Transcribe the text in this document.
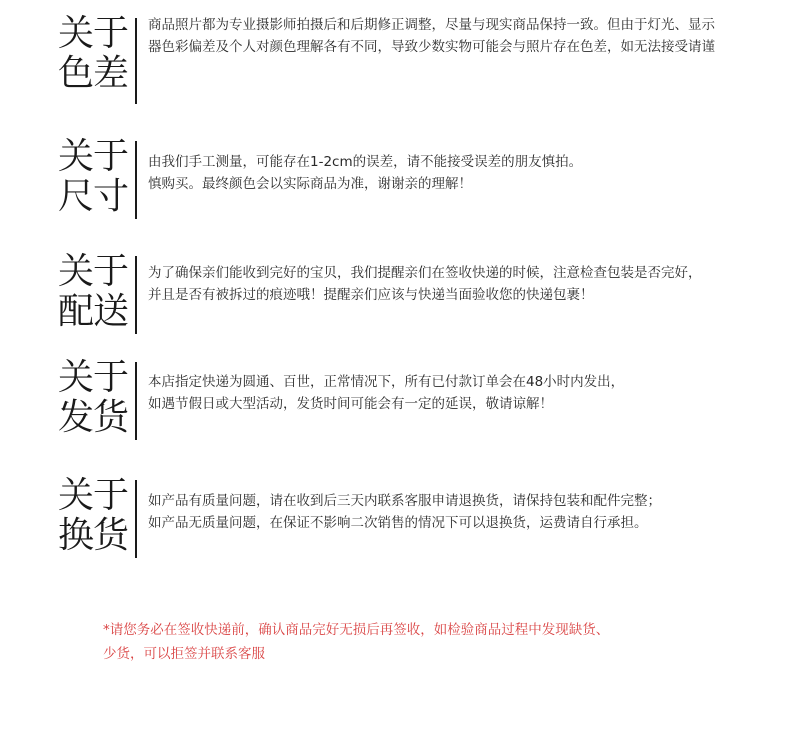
关于
色差

商品照片都为专业摄影师拍摄后和后期修正调整，尽量与现实商品保持一致。但由于灯光、显示

器色彩偏差及个人对颜色理解各有不同，导致少数实物可能会与照片存在色差，如无法接受请谨

关于
尺寸

由我们手工测量，可能存在1-2cm的误差，请不能接受误差的朋友慎拍。

慎购买。最终颜色会以实际商品为准，谢谢亲的理解！

关于
配送

为了确保亲们能收到完好的宝贝，我们提醒亲们在签收快递的时候，注意检查包装是否完好，

并且是否有被拆过的痕迹哦！提醒亲们应该与快递当面验收您的快递包裹！

关于
发货

本店指定快递为圆通、百世，正常情况下，所有已付款订单会在48小时内发出，

如遇节假日或大型活动，发货时间可能会有一定的延误，敬请谅解！

关于
换货

如产品有质量问题，请在收到后三天内联系客服申请退换货，请保持包装和配件完整；

如产品无质量问题，在保证不影响二次销售的情况下可以退换货，运费请自行承担。

*请您务必在签收快递前，确认商品完好无损后再签收，如检验商品过程中发现缺货、

少货，可以拒签并联系客服
